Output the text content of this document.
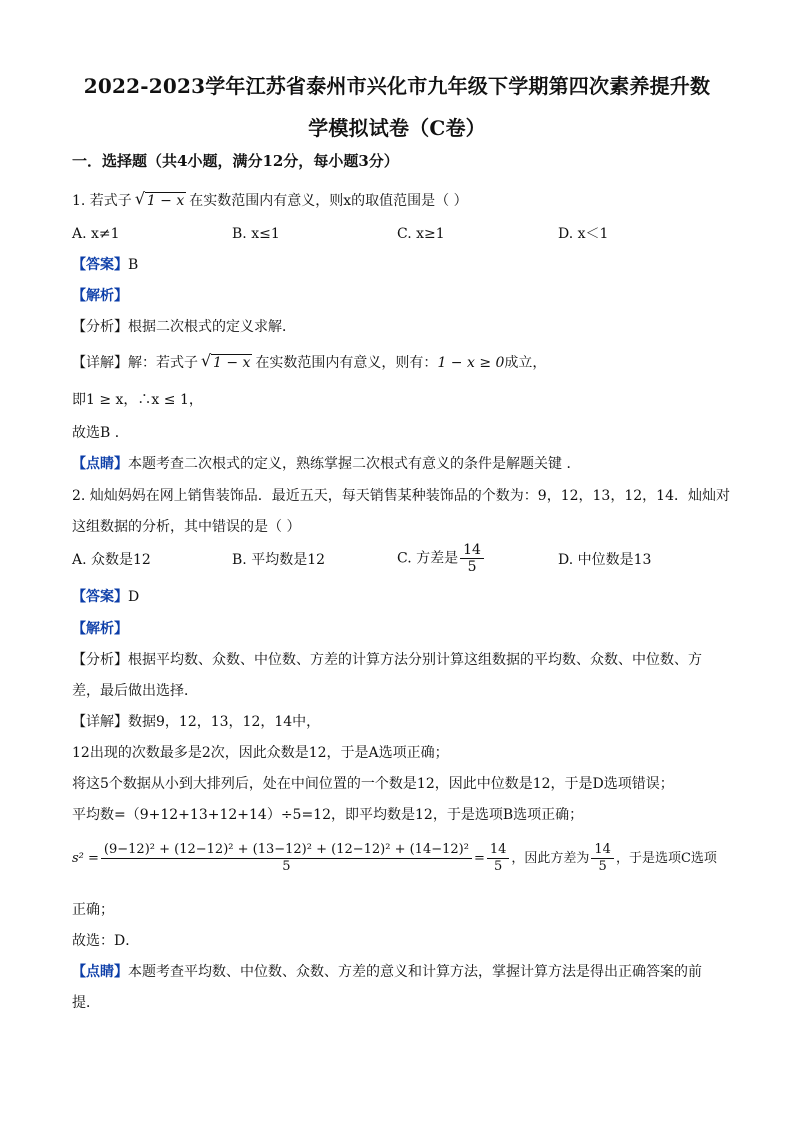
2022-2023学年江苏省泰州市兴化市九年级下学期第四次素养提升数
学模拟试卷（C卷）
一．选择题（共4小题，满分12分，每小题3分）
1. 若式子 √ 1 − x 在实数范围内有意义，则x的取值范围是（ ）
A. x≠1	B. x≤1	C. x≥1	D. x＜1
【答案】B
【解析】
【分析】根据二次根式的定义求解．
【详解】解：若式子 √ 1 − x 在实数范围内有意义，则有：1 − x ≥ 0成立，
即1 ≥ x，∴x ≤ 1，
故选B ．
【点睛】本题考查二次根式的定义，熟练掌握二次根式有意义的条件是解题关键 ．
2. 灿灿妈妈在网上销售装饰品．最近五天，每天销售某种装饰品的个数为：9，12，13，12，14．灿灿对
这组数据的分析，其中错误的是（ ）
A. 众数是12	B. 平均数是12	C. 方差是 $\frac{14}{5}$	D. 中位数是13
【答案】D
【解析】
【分析】根据平均数、众数、中位数、方差的计算方法分别计算这组数据的平均数、众数、中位数、方
差，最后做出选择．
【详解】数据9，12，13，12，14中，
12出现的次数最多是2次，因此众数是12，于是A选项正确；
将这5个数据从小到大排列后，处在中间位置的一个数是12，因此中位数是12，于是D选项错误；
平均数=（9+12+13+12+14）÷5=12，即平均数是12，于是选项B选项正确；
$s^2 = \frac{\text{(9−12)² + (12−12)² + (13−12)² + (12−12)² + (14−12)²}}{5} = \frac{14}{5}$ ，因此方差为 $\frac{14}{5}$ ，于是选项C选项
正确；
故选：D．
【点睛】本题考查平均数、中位数、众数、方差的意义和计算方法，掌握计算方法是得出正确答案的前
提．
